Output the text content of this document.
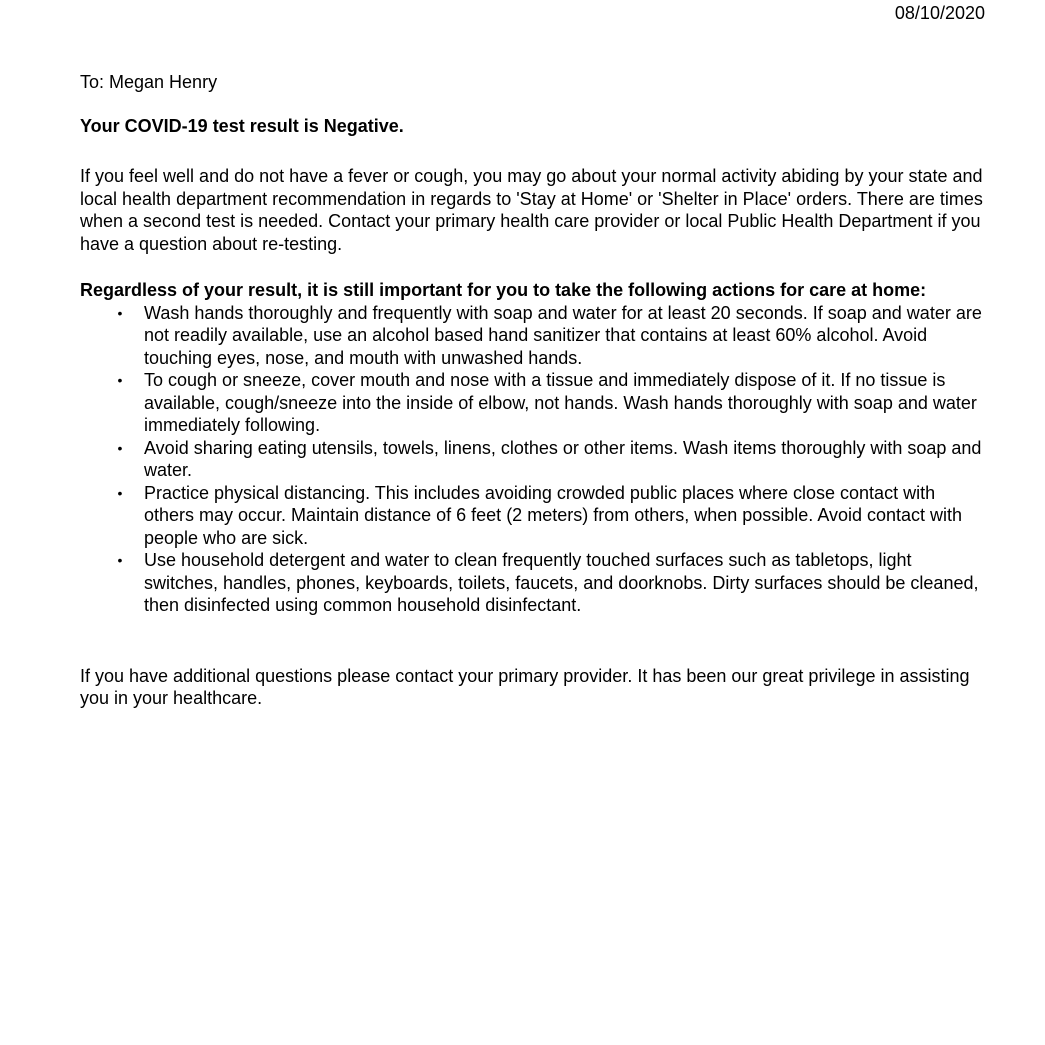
08/10/2020

To: Megan Henry

Your COVID-19 test result is Negative.

If you feel well and do not have a fever or cough, you may go about your normal activity abiding by your state and local health department recommendation in regards to 'Stay at Home' or 'Shelter in Place' orders. There are times when a second test is needed. Contact your primary health care provider or local Public Health Department if you have a question about re-testing.

Regardless of your result, it is still important for you to take the following actions for care at home:

• Wash hands thoroughly and frequently with soap and water for at least 20 seconds. If soap and water are not readily available, use an alcohol based hand sanitizer that contains at least 60% alcohol. Avoid touching eyes, nose, and mouth with unwashed hands.
• To cough or sneeze, cover mouth and nose with a tissue and immediately dispose of it. If no tissue is available, cough/sneeze into the inside of elbow, not hands. Wash hands thoroughly with soap and water immediately following.
• Avoid sharing eating utensils, towels, linens, clothes or other items. Wash items thoroughly with soap and water.
• Practice physical distancing. This includes avoiding crowded public places where close contact with others may occur. Maintain distance of 6 feet (2 meters) from others, when possible. Avoid contact with people who are sick.
• Use household detergent and water to clean frequently touched surfaces such as tabletops, light switches, handles, phones, keyboards, toilets, faucets, and doorknobs. Dirty surfaces should be cleaned, then disinfected using common household disinfectant.

If you have additional questions please contact your primary provider. It has been our great privilege in assisting you in your healthcare.
